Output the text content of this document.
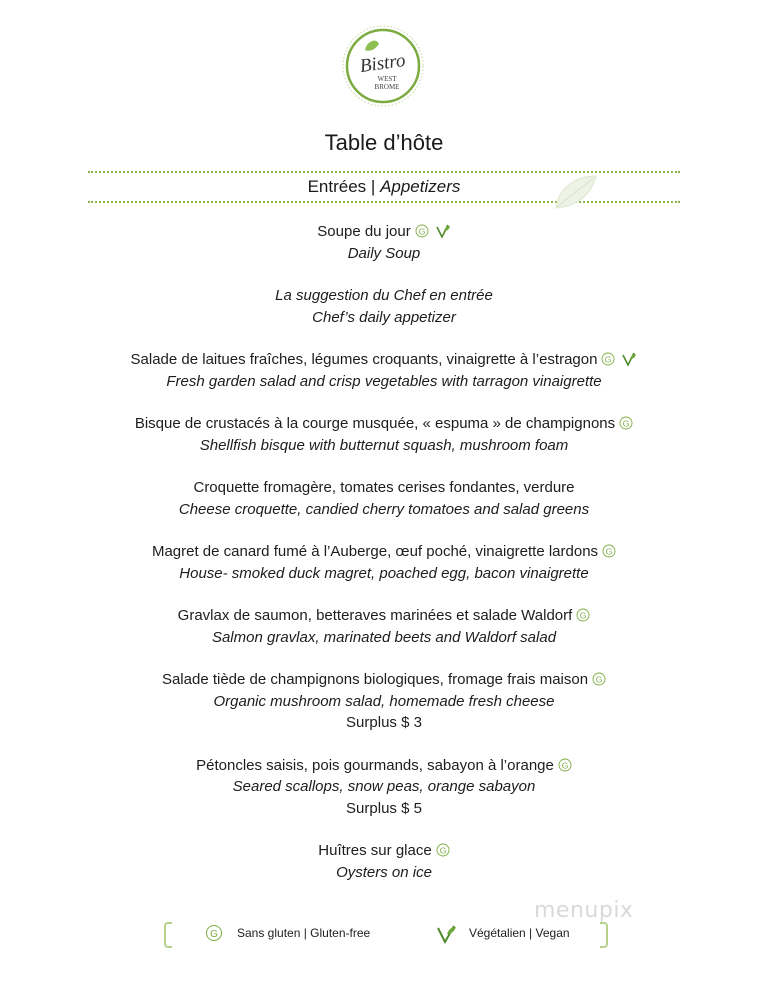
Bistro
WEST
BROME
Table d’hôte
Entrées | Appetizers
Soupe du jour G
Daily Soup
La suggestion du Chef en entrée
Chef’s daily appetizer
Salade de laitues fraîches, légumes croquants, vinaigrette à l’estragon G
Fresh garden salad and crisp vegetables with tarragon vinaigrette
Bisque de crustacés à la courge musquée, « espuma » de champignons G
Shellfish bisque with butternut squash, mushroom foam
Croquette fromagère, tomates cerises fondantes, verdure
Cheese croquette, candied cherry tomatoes and salad greens
Magret de canard fumé à l’Auberge, œuf poché, vinaigrette lardons G
House- smoked duck magret, poached egg, bacon vinaigrette
Gravlax de saumon, betteraves marinées et salade Waldorf G
Salmon gravlax, marinated beets and Waldorf salad
Salade tiède de champignons biologiques, fromage frais maison G
Organic mushroom salad, homemade fresh cheese
Surplus $ 3
Pétoncles saisis, pois gourmands, sabayon à l’orange G
Seared scallops, snow peas, orange sabayon
Surplus $ 5
Huîtres sur glace G
Oysters on ice
G Sans gluten | Gluten-free	Végétalien | Vegan
menupix
